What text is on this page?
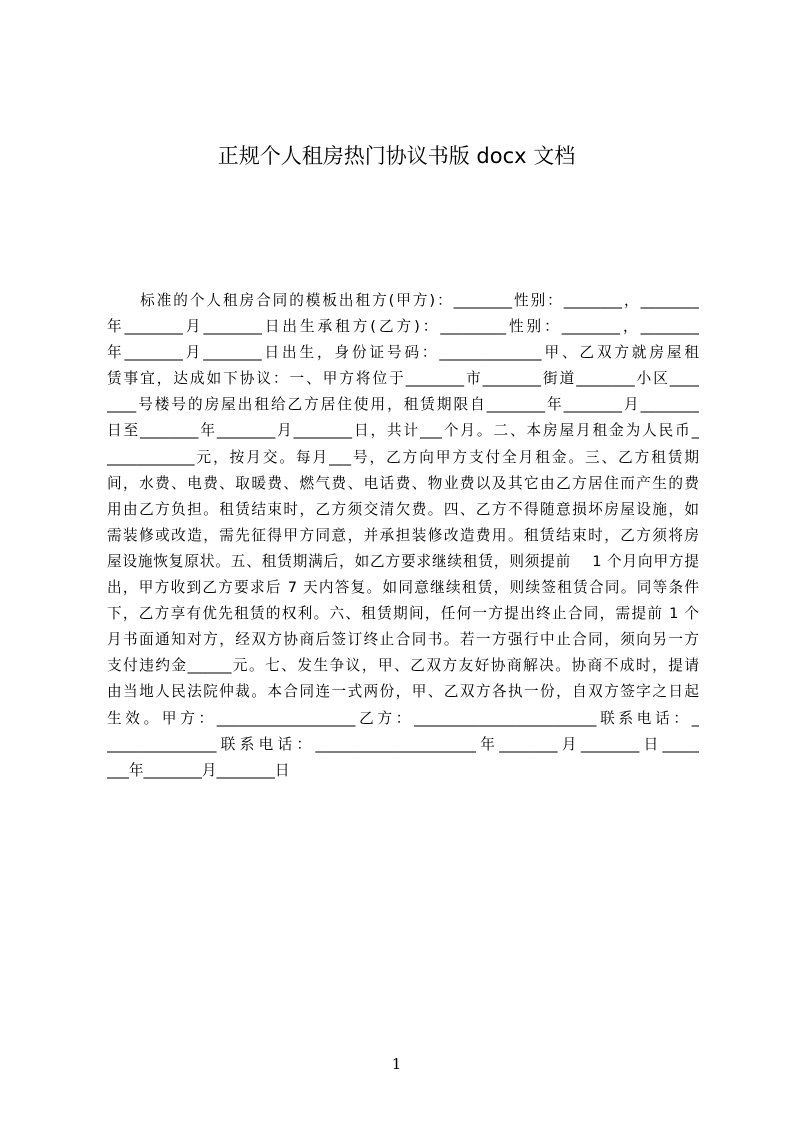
正规个人租房热门协议书版 docx 文档
　　标准的个人租房合同的模板出租方(甲方)：________性别：________，________
年________月________日出生承租方(乙方)：_________性别：________，________
年________月________日出生，身份证号码：______________甲、乙双方就房屋租
赁事宜，达成如下协议：一、甲方将位于________市________街道________小区____
____号楼号的房屋出租给乙方居住使用，租赁期限自________年________月________
日至________年________月________日，共计___个月。二、本房屋月租金为人民币_
____________元，按月交。每月___号，乙方向甲方支付全月租金。三、乙方租赁期
间，水费、电费、取暖费、燃气费、电话费、物业费以及其它由乙方居住而产生的费
用由乙方负担。租赁结束时，乙方须交清欠费。四、乙方不得随意损坏房屋设施，如
需装修或改造，需先征得甲方同意，并承担装修改造费用。租赁结束时，乙方须将房
屋设施恢复原状。五、租赁期满后，如乙方要求继续租赁，则须提前　 1 个月向甲方提
出，甲方收到乙方要求后 7 天内答复。如同意继续租赁，则续签租赁合同。同等条件
下，乙方享有优先租赁的权利。六、租赁期间，任何一方提出终止合同，需提前 1 个
月书面通知对方，经双方协商后签订终止合同书。若一方强行中止合同，须向另一方
支付违约金______元。七、发生争议，甲、乙双方友好协商解决。协商不成时，提请
由当地人民法院仲裁。本合同连一式两份，甲、乙双方各执一份，自双方签字之日起
生效。甲方：___________________乙方：_________________________联系电话：_
_______________联系电话：______________________年________月________日_____
___年________月________日
1
